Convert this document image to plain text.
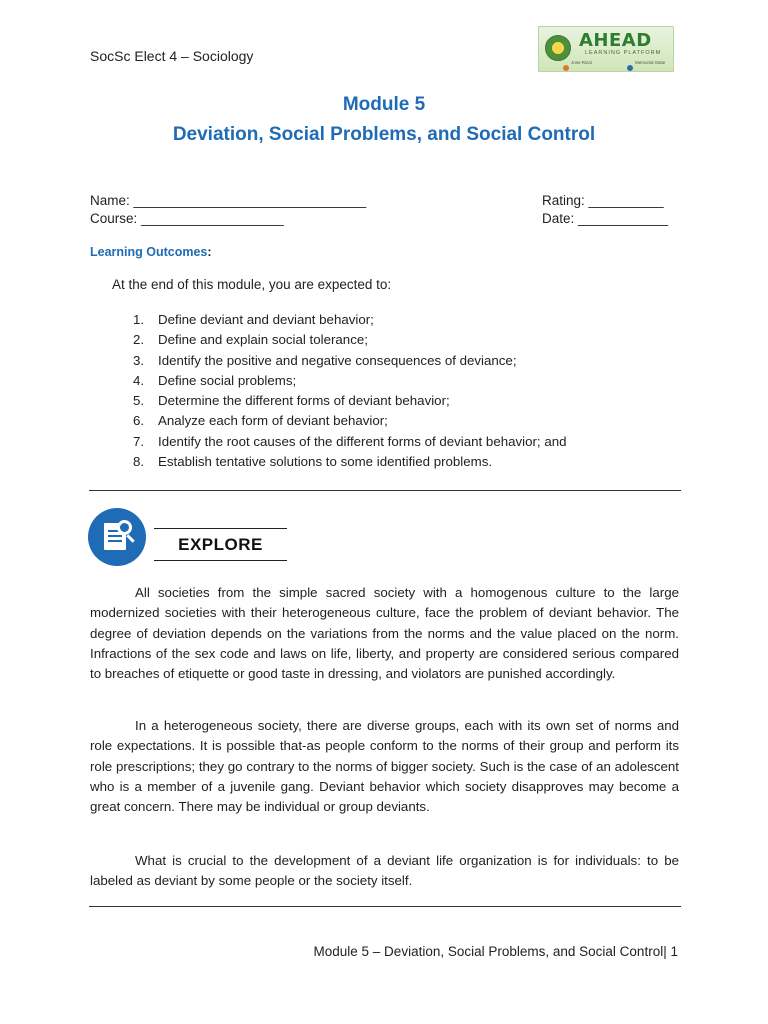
SocSc Elect 4 – Sociology
AHEAD
LEARNING PLATFORM
Jose Rizal	Memorial State
Module 5
Deviation, Social Problems, and Social Control
Name: _______________________________
Course: ___________________
Rating: __________
Date: ____________
Learning Outcomes:
At the end of this module, you are expected to:
1.	Define deviant and deviant behavior;
2.	Define and explain social tolerance;
3.	Identify the positive and negative consequences of deviance;
4.	Define social problems;
5.	Determine the different forms of deviant behavior;
6.	Analyze each form of deviant behavior;
7.	Identify the root causes of the different forms of deviant behavior; and
8.	Establish tentative solutions to some identified problems.
EXPLORE

All societies from the simple sacred society with a homogenous culture to the large modernized societies with their heterogeneous culture, face the problem of deviant behavior. The degree of deviation depends on the variations from the norms and the value placed on the norm. Infractions of the sex code and laws on life, liberty, and property are considered serious compared to breaches of etiquette or good taste in dressing, and violators are punished accordingly.

In a heterogeneous society, there are diverse groups, each with its own set of norms and role expectations. It is possible that-as people conform to the norms of their group and perform its role prescriptions; they go contrary to the norms of bigger society. Such is the case of an adolescent who is a member of a juvenile gang. Deviant behavior which society disapproves may become a great concern. There may be individual or group deviants.

What is crucial to the development of a deviant life organization is for individuals: to be labeled as deviant by some people or the society itself.

Module 5 – Deviation, Social Problems, and Social Control| 1
